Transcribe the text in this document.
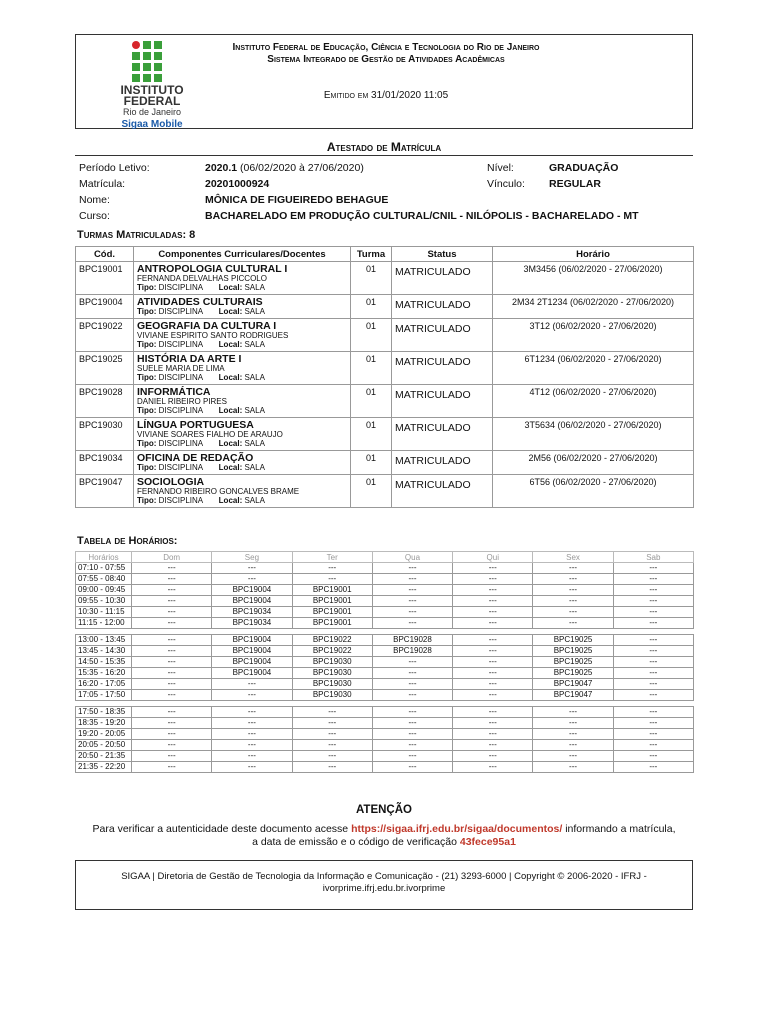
INSTITUTO
FEDERAL
Rio de Janeiro
Sigaa Mobile
Instituto Federal de Educação, Ciência e Tecnologia do Rio de Janeiro
Sistema Integrado de Gestão de Atividades Acadêmicas
Emitido em 31/01/2020 11:05
Atestado de Matrícula
Período Letivo:	2020.1 (06/02/2020 à 27/06/2020)	Nível:	GRADUAÇÃO
Matrícula:	20201000924	Vínculo:	REGULAR
Nome:	MÔNICA DE FIGUEIREDO BEHAGUE		
Curso:	BACHARELADO EM PRODUÇÃO CULTURAL/CNIL - NILÓPOLIS - BACHARELADO - MT		
Turmas Matriculadas: 8
Cód.	Componentes Curriculares/Docentes	Turma	Status	Horário
BPC19001	ANTROPOLOGIA CULTURAL I
FERNANDA DELVALHAS PICCOLO
Tipo: DISCIPLINA Local: SALA	01	MATRICULADO	3M3456 (06/02/2020 - 27/06/2020)
BPC19004	ATIVIDADES CULTURAIS
Tipo: DISCIPLINA Local: SALA	01	MATRICULADO	2M34 2T1234 (06/02/2020 - 27/06/2020)
BPC19022	GEOGRAFIA DA CULTURA I
VIVIANE ESPIRITO SANTO RODRIGUES
Tipo: DISCIPLINA Local: SALA	01	MATRICULADO	3T12 (06/02/2020 - 27/06/2020)
BPC19025	HISTÓRIA DA ARTE I
SUELE MARIA DE LIMA
Tipo: DISCIPLINA Local: SALA	01	MATRICULADO	6T1234 (06/02/2020 - 27/06/2020)
BPC19028	INFORMÁTICA
DANIEL RIBEIRO PIRES
Tipo: DISCIPLINA Local: SALA	01	MATRICULADO	4T12 (06/02/2020 - 27/06/2020)
BPC19030	LÍNGUA PORTUGUESA
VIVIANE SOARES FIALHO DE ARAUJO
Tipo: DISCIPLINA Local: SALA	01	MATRICULADO	3T5634 (06/02/2020 - 27/06/2020)
BPC19034	OFICINA DE REDAÇÃO
Tipo: DISCIPLINA Local: SALA	01	MATRICULADO	2M56 (06/02/2020 - 27/06/2020)
BPC19047	SOCIOLOGIA
FERNANDO RIBEIRO GONCALVES BRAME
Tipo: DISCIPLINA Local: SALA	01	MATRICULADO	6T56 (06/02/2020 - 27/06/2020)
Tabela de Horários:
Horários	Dom	Seg	Ter	Qua	Qui	Sex	Sab
07:10 - 07:55	---	---	---	---	---	---	---
07:55 - 08:40	---	---	---	---	---	---	---
09:00 - 09:45	---	BPC19004	BPC19001	---	---	---	---
09:55 - 10:30	---	BPC19004	BPC19001	---	---	---	---
10:30 - 11:15	---	BPC19034	BPC19001	---	---	---	---
11:15 - 12:00	---	BPC19034	BPC19001	---	---	---	---

13:00 - 13:45	---	BPC19004	BPC19022	BPC19028	---	BPC19025	---
13:45 - 14:30	---	BPC19004	BPC19022	BPC19028	---	BPC19025	---
14:50 - 15:35	---	BPC19004	BPC19030	---	---	BPC19025	---
15:35 - 16:20	---	BPC19004	BPC19030	---	---	BPC19025	---
16:20 - 17:05	---	---	BPC19030	---	---	BPC19047	---
17:05 - 17:50	---	---	BPC19030	---	---	BPC19047	---

17:50 - 18:35	---	---	---	---	---	---	---
18:35 - 19:20	---	---	---	---	---	---	---
19:20 - 20:05	---	---	---	---	---	---	---
20:05 - 20:50	---	---	---	---	---	---	---
20:50 - 21:35	---	---	---	---	---	---	---
21:35 - 22:20	---	---	---	---	---	---	---
ATENÇÃO
Para verificar a autenticidade deste documento acesse https://sigaa.ifrj.edu.br/sigaa/documentos/ informando a matrícula,
a data de emissão e o código de verificação 43fece95a1
SIGAA | Diretoria de Gestão de Tecnologia da Informação e Comunicação - (21) 3293-6000 | Copyright © 2006-2020 - IFRJ -
ivorprime.ifrj.edu.br.ivorprime
